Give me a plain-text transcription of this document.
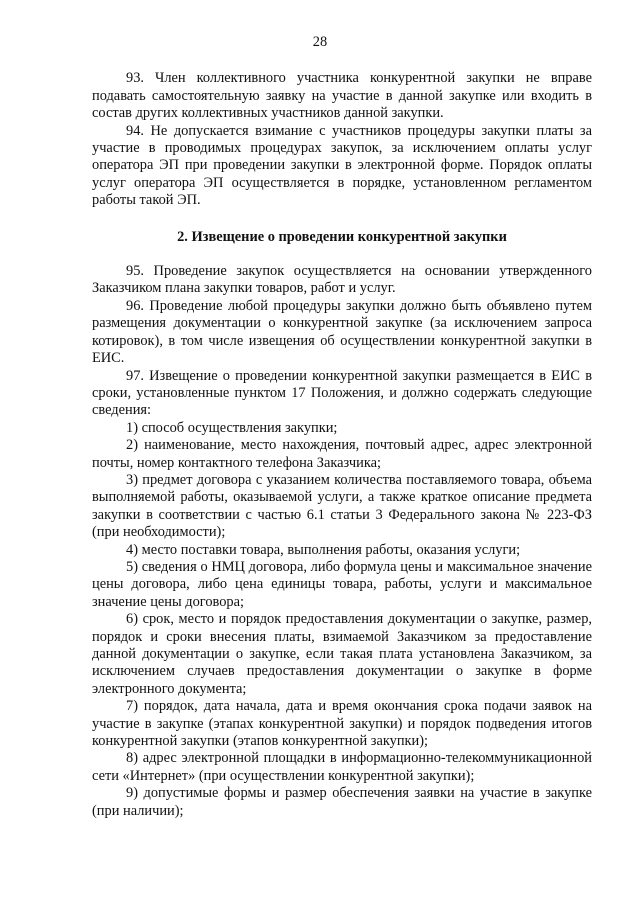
28

93. Член коллективного участника конкурентной закупки не вправе подавать самостоятельную заявку на участие в данной закупке или входить в состав других коллективных участников данной закупки.

94. Не допускается взимание с участников процедуры закупки платы за участие в проводимых процедурах закупок, за исключением оплаты услуг оператора ЭП при проведении закупки в электронной форме. Порядок оплаты услуг оператора ЭП осуществляется в порядке, установленном регламентом работы такой ЭП.

2. Извещение о проведении конкурентной закупки

95. Проведение закупок осуществляется на основании утвержденного Заказчиком плана закупки товаров, работ и услуг.

96. Проведение любой процедуры закупки должно быть объявлено путем размещения документации о конкурентной закупке (за исключением запроса котировок), в том числе извещения об осуществлении конкурентной закупки в ЕИС.

97. Извещение о проведении конкурентной закупки размещается в ЕИС в сроки, установленные пунктом 17 Положения, и должно содержать следующие сведения:

1) способ осуществления закупки;

2) наименование, место нахождения, почтовый адрес, адрес электронной почты, номер контактного телефона Заказчика;

3) предмет договора с указанием количества поставляемого товара, объема выполняемой работы, оказываемой услуги, а также краткое описание предмета закупки в соответствии с частью 6.1 статьи 3 Федерального закона № 223-ФЗ (при необходимости);

4) место поставки товара, выполнения работы, оказания услуги;

5) сведения о НМЦ договора, либо формула цены и максимальное значение цены договора, либо цена единицы товара, работы, услуги и максимальное значение цены договора;

6) срок, место и порядок предоставления документации о закупке, размер, порядок и сроки внесения платы, взимаемой Заказчиком за предоставление данной документации о закупке, если такая плата установлена Заказчиком, за исключением случаев предоставления документации о закупке в форме электронного документа;

7) порядок, дата начала, дата и время окончания срока подачи заявок на участие в закупке (этапах конкурентной закупки) и порядок подведения итогов конкурентной закупки (этапов конкурентной закупки);

8) адрес электронной площадки в информационно-телекоммуникационной сети «Интернет» (при осуществлении конкурентной закупки);

9) допустимые формы и размер обеспечения заявки на участие в закупке (при наличии);
